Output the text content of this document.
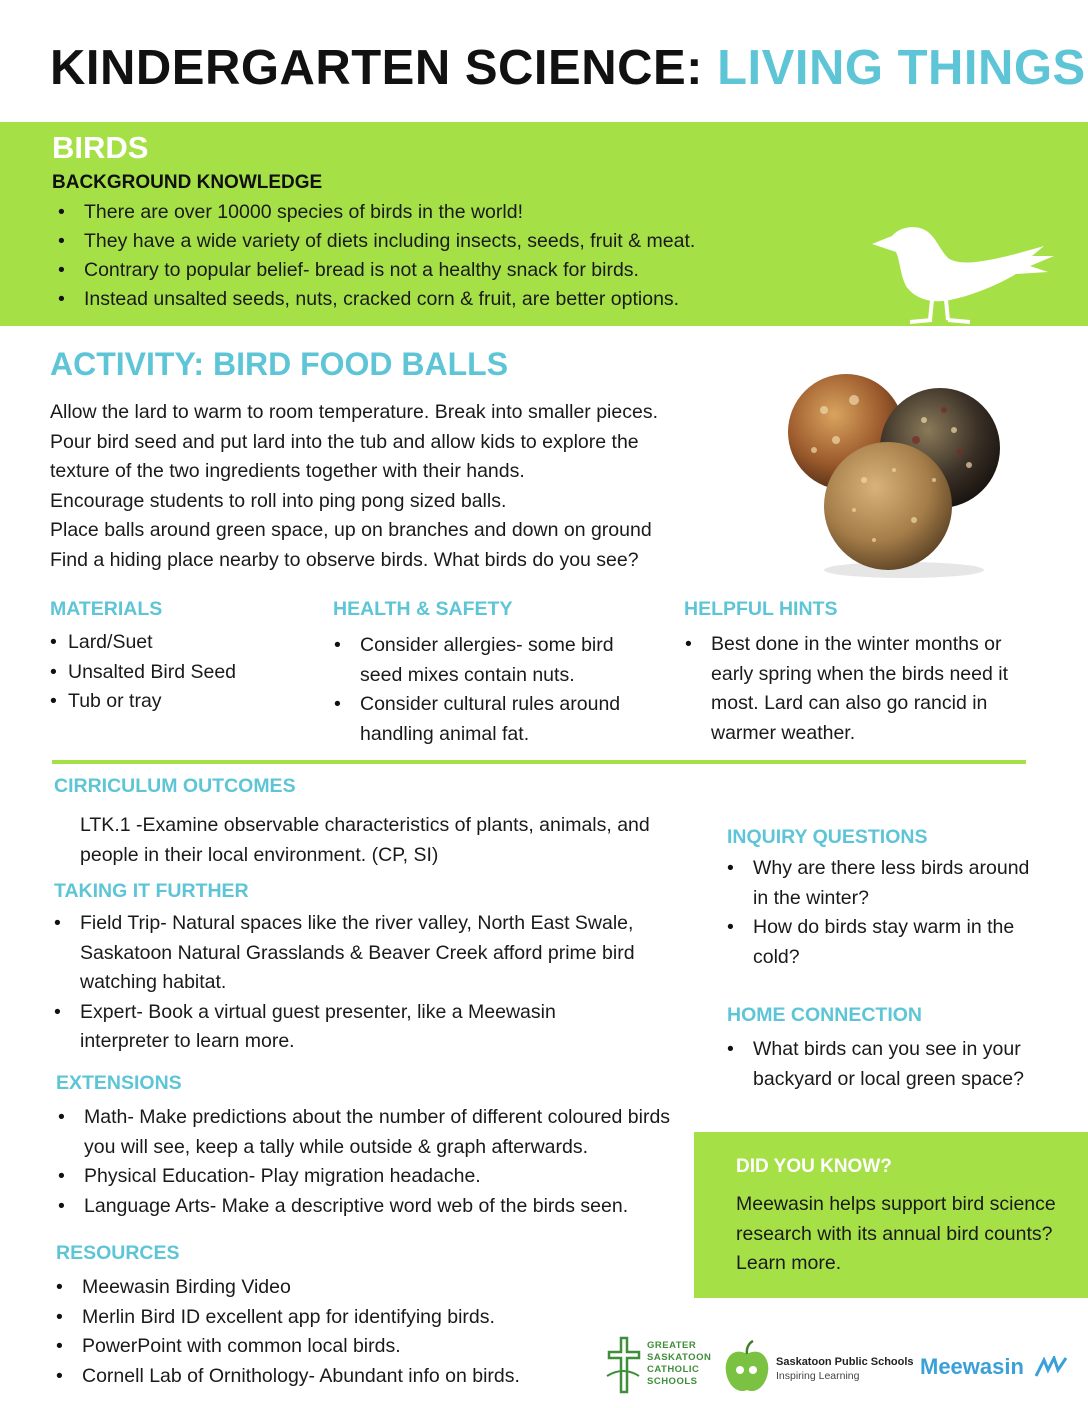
KINDERGARTEN SCIENCE: LIVING THINGS
BIRDS
BACKGROUND KNOWLEDGE
• There are over 10000 species of birds in the world!
• They have a wide variety of diets including insects, seeds, fruit & meat.
• Contrary to popular belief- bread is not a healthy snack for birds.
• Instead unsalted seeds, nuts, cracked corn & fruit, are better options.
ACTIVITY: BIRD FOOD BALLS
Allow the lard to warm to room temperature. Break into smaller pieces.
Pour bird seed and put lard into the tub and allow kids to explore the
texture of the two ingredients together with their hands.
Encourage students to roll into ping pong sized balls.
Place balls around green space, up on branches and down on ground
Find a hiding place nearby to observe birds. What birds do you see?
MATERIALS
• Lard/Suet
• Unsalted Bird Seed
• Tub or tray
HEALTH & SAFETY
• Consider allergies- some bird seed mixes contain nuts.
• Consider cultural rules around handling animal fat.
HELPFUL HINTS
• Best done in the winter months or early spring when the birds need it most. Lard can also go rancid in warmer weather.
CIRRICULUM OUTCOMES
LTK.1 -Examine observable characteristics of plants, animals, and people in their local environment. (CP, SI)
TAKING IT FURTHER
• Field Trip- Natural spaces like the river valley, North East Swale, Saskatoon Natural Grasslands & Beaver Creek afford prime bird watching habitat.
• Expert- Book a virtual guest presenter, like a Meewasin interpreter to learn more.
EXTENSIONS
• Math- Make predictions about the number of different coloured birds you will see, keep a tally while outside & graph afterwards.
• Physical Education- Play migration headache.
• Language Arts- Make a descriptive word web of the birds seen.
RESOURCES
• Meewasin Birding Video
• Merlin Bird ID excellent app for identifying birds.
• PowerPoint with common local birds.
• Cornell Lab of Ornithology- Abundant info on birds.
INQUIRY QUESTIONS
• Why are there less birds around in the winter?
• How do birds stay warm in the cold?
HOME CONNECTION
• What birds can you see in your backyard or local green space?
DID YOU KNOW?
Meewasin helps support bird science research with its annual bird counts? Learn more.
GREATER
SASKATOON
CATHOLIC
SCHOOLS
Saskatoon Public Schools
Inspiring Learning	Meewasin
